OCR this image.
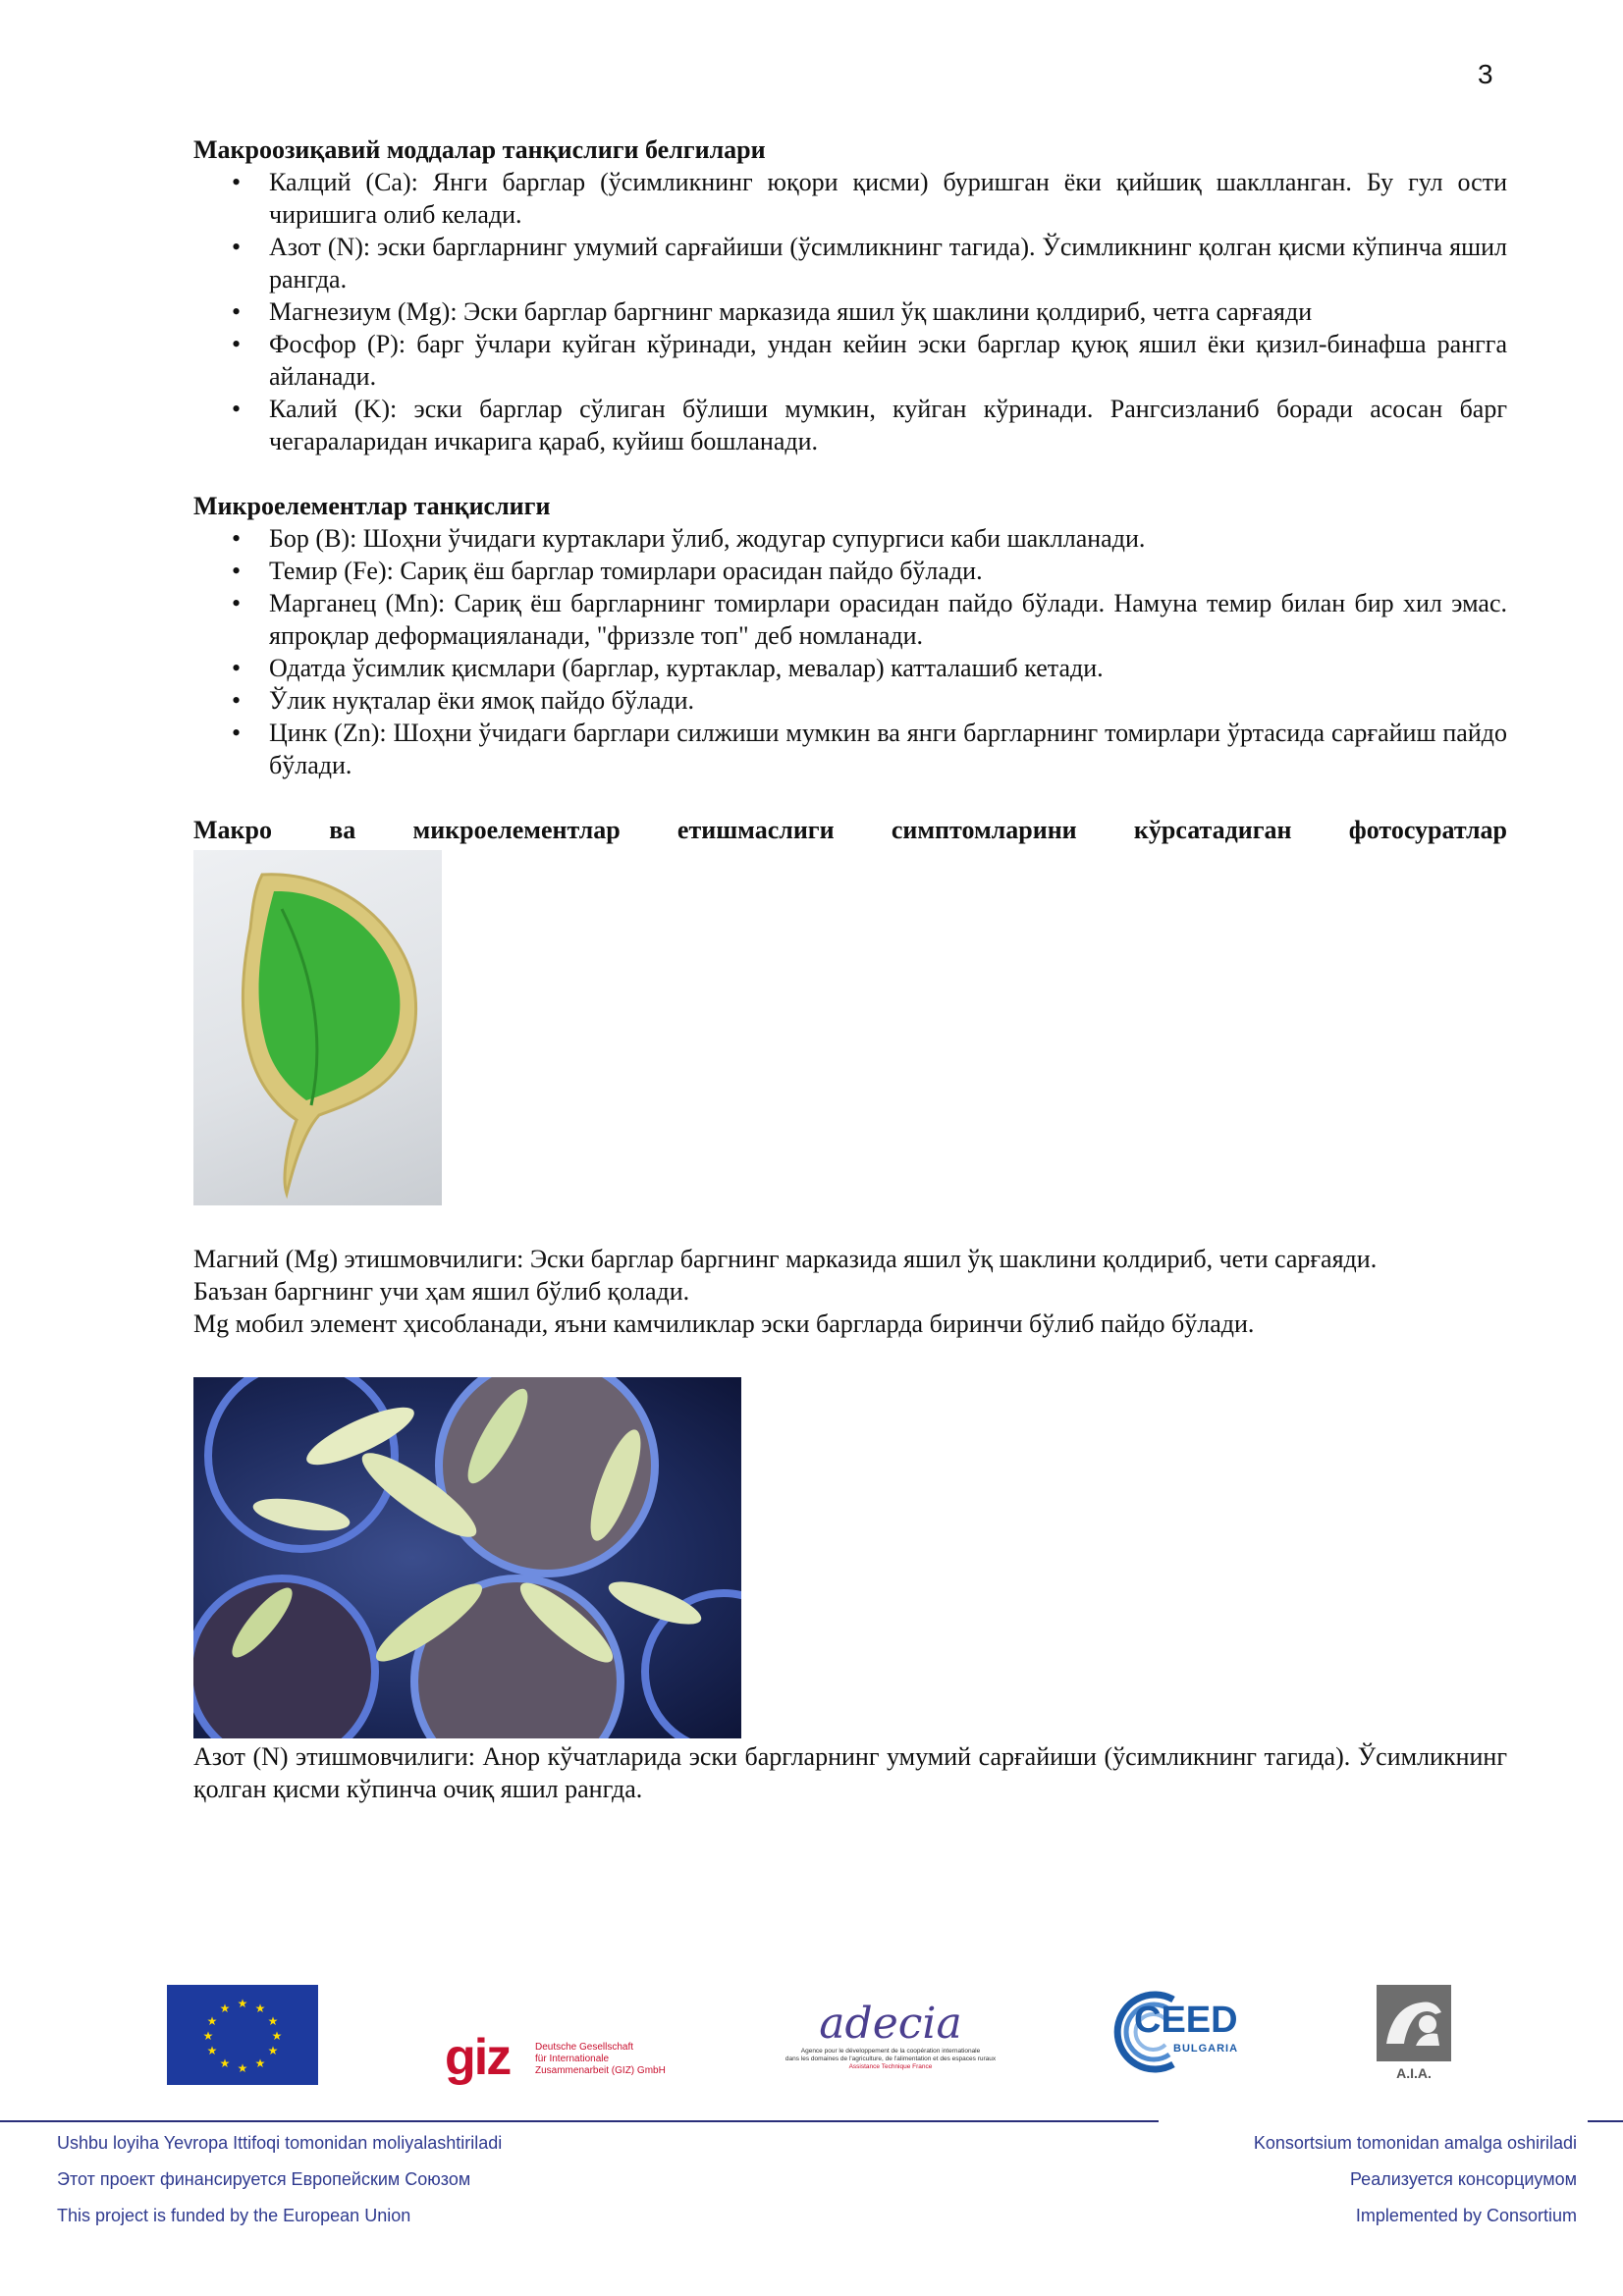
3

Макроозиқавий моддалар танқислиги белгилари

• Калций (Ca): Янги барглар (ўсимликнинг юқори қисми) буришган ёки қийшиқ шаклланган. Бу гул ости чиришига олиб келади.
• Азот (N): эски баргларнинг умумий сарғайиши (ўсимликнинг тагида). Ўсимликнинг қолган қисми кўпинча яшил рангда.
• Магнезиум (Mg): Эски барглар баргнинг марказида яшил ўқ шаклини қолдириб, четга сарғаяди
• Фосфор (P): барг ўчлари куйган кўринади, ундан кейин эски барглар қуюқ яшил ёки қизил-бинафша рангга айланади.
• Калий (K): эски барглар сўлиган бўлиши мумкин, куйган кўринади. Рангсизланиб боради асосан барг чегараларидан ичкарига қараб, куйиш бошланади.

Микроелементлар танқислиги

• Бор (B): Шоҳни ўчидаги куртаклари ўлиб, жодугар супургиси каби шаклланади.
• Темир (Fe): Сариқ ёш барглар томирлари орасидан пайдо бўлади.
• Марганец (Mn): Сариқ ёш баргларнинг томирлари орасидан пайдо бўлади. Намуна темир билан бир хил эмас. япроқлар деформацияланади, "фриззле топ" деб номланади.
• Одатда ўсимлик қисмлари (барглар, куртаклар, мевалар) катталашиб кетади.
• Ўлик нуқталар ёки ямоқ пайдо бўлади.
• Цинк (Zn): Шоҳни ўчидаги барглари силжиши мумкин ва янги баргларнинг томирлари ўртасида сарғайиш пайдо бўлади.

Макро ва микроелементлар етишмаслиги симптомларини кўрсатадиган фотосуратлар

Магний (Mg) этишмовчилиги: Эски барглар баргнинг марказида яшил ўқ шаклини қолдириб, чети сарғаяди.

Баъзан баргнинг учи ҳам яшил бўлиб қолади.

Mg мобил элемент ҳисобланади, яъни камчиликлар эски баргларда биринчи бўлиб пайдо бўлади.

Азот (N) этишмовчилиги: Анор кўчатларида эски баргларнинг умумий сарғайиши (ўсимликнинг тагида). Ўсимликнинг қолган қисми кўпинча очиқ яшил рангда.

★ ★
★
★
★
★
★
★
★
★
★
★
giz	Deutsche Gesellschaft
für Internationale
Zusammenarbeit (GIZ) GmbH
adecia
Agence pour le développement de la coopération internationale
dans les domaines de l'agriculture, de l'alimentation et des espaces ruraux
Assistance Technique France
CEED
BULGARIA
A.I.A.
Ushbu loyiha Yevropa Ittifoqi tomonidan moliyalashtiriladi
Этот проект финансируется Европейским Союзом
This project is funded by the European Union
Konsortsium tomonidan amalga oshiriladi
Реализуется консорциумом
Implemented by Consortium
